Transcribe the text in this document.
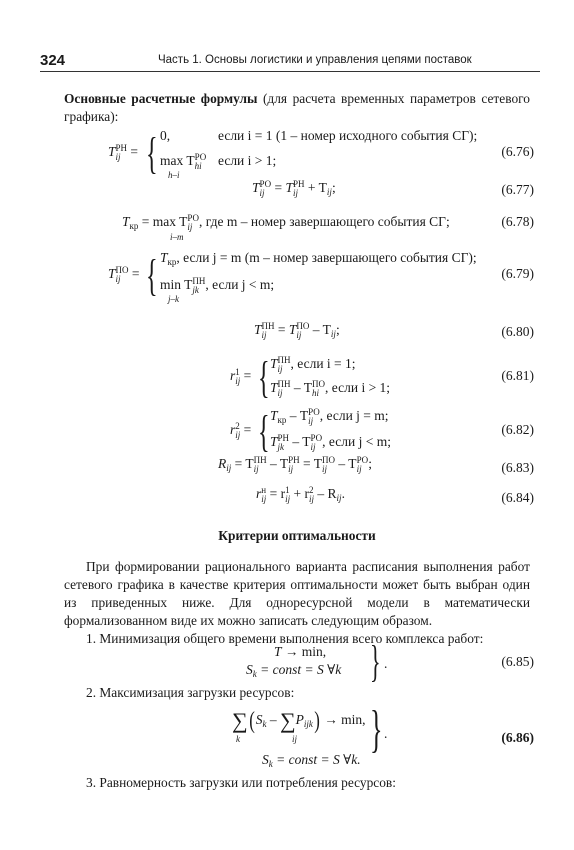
324	Часть 1. Основы логистики и управления цепями поставок
Основные расчетные формулы (для расчета временных параметров сетевого графика):
TРН
ij = { 0,	если i = 1 (1 – номер исходного события СГ);
max TРО
hi
h–i
если i > 1;
(6.76)
TРО
ij = TРН
ij + $T_{ij}$;	(6.77)
$T_{кр} = \max$ TРО
ij , где m – номер завершающего события СГ;
i–m
(6.78)
TПО
ij = { $T_{кр}$, если j = m (m – номер завершающего события СГ);
min TПН
jk , если j < m;
j–k
(6.79)
TПН
ij = TПО
ij – $T_{ij}$;	(6.80)
r1
ij = { TПН
ij , если i = 1;
TПН
ij – TПО
hi , если i > 1;
(6.81)
r2
ij = { $T_{кр}$ – TРО
ij , если j = m;
TРН
jk – TРО
ij , если j < m;
(6.82)
$R_{ij}$ = TПН
ij – TРН
ij = TПО
ij – TРО
ij ;	(6.83)
rн
ij = r1
ij + r2
ij – $R_{ij}$.	(6.84)
Критерии оптимальности
При формировании рационального варианта расписания выполнения работ сетевого графика в качестве критерия оптимальности может быть выбран один из приведенных ниже. Для одноресурсной модели в математически формализованном виде их можно записать следующим образом.
1. Минимизация общего времени выполнения всего комплекса работ:
T → min,
$S_k$ = const = S ∀k } .	(6.85)
2. Максимизация загрузки ресурсов:
$\sum(S_k - \sum P_{ijk}) \to \min$,
k	ij
$S_k$ = const = S ∀k.
} .	(6.86)
3. Равномерность загрузки или потребления ресурсов:
